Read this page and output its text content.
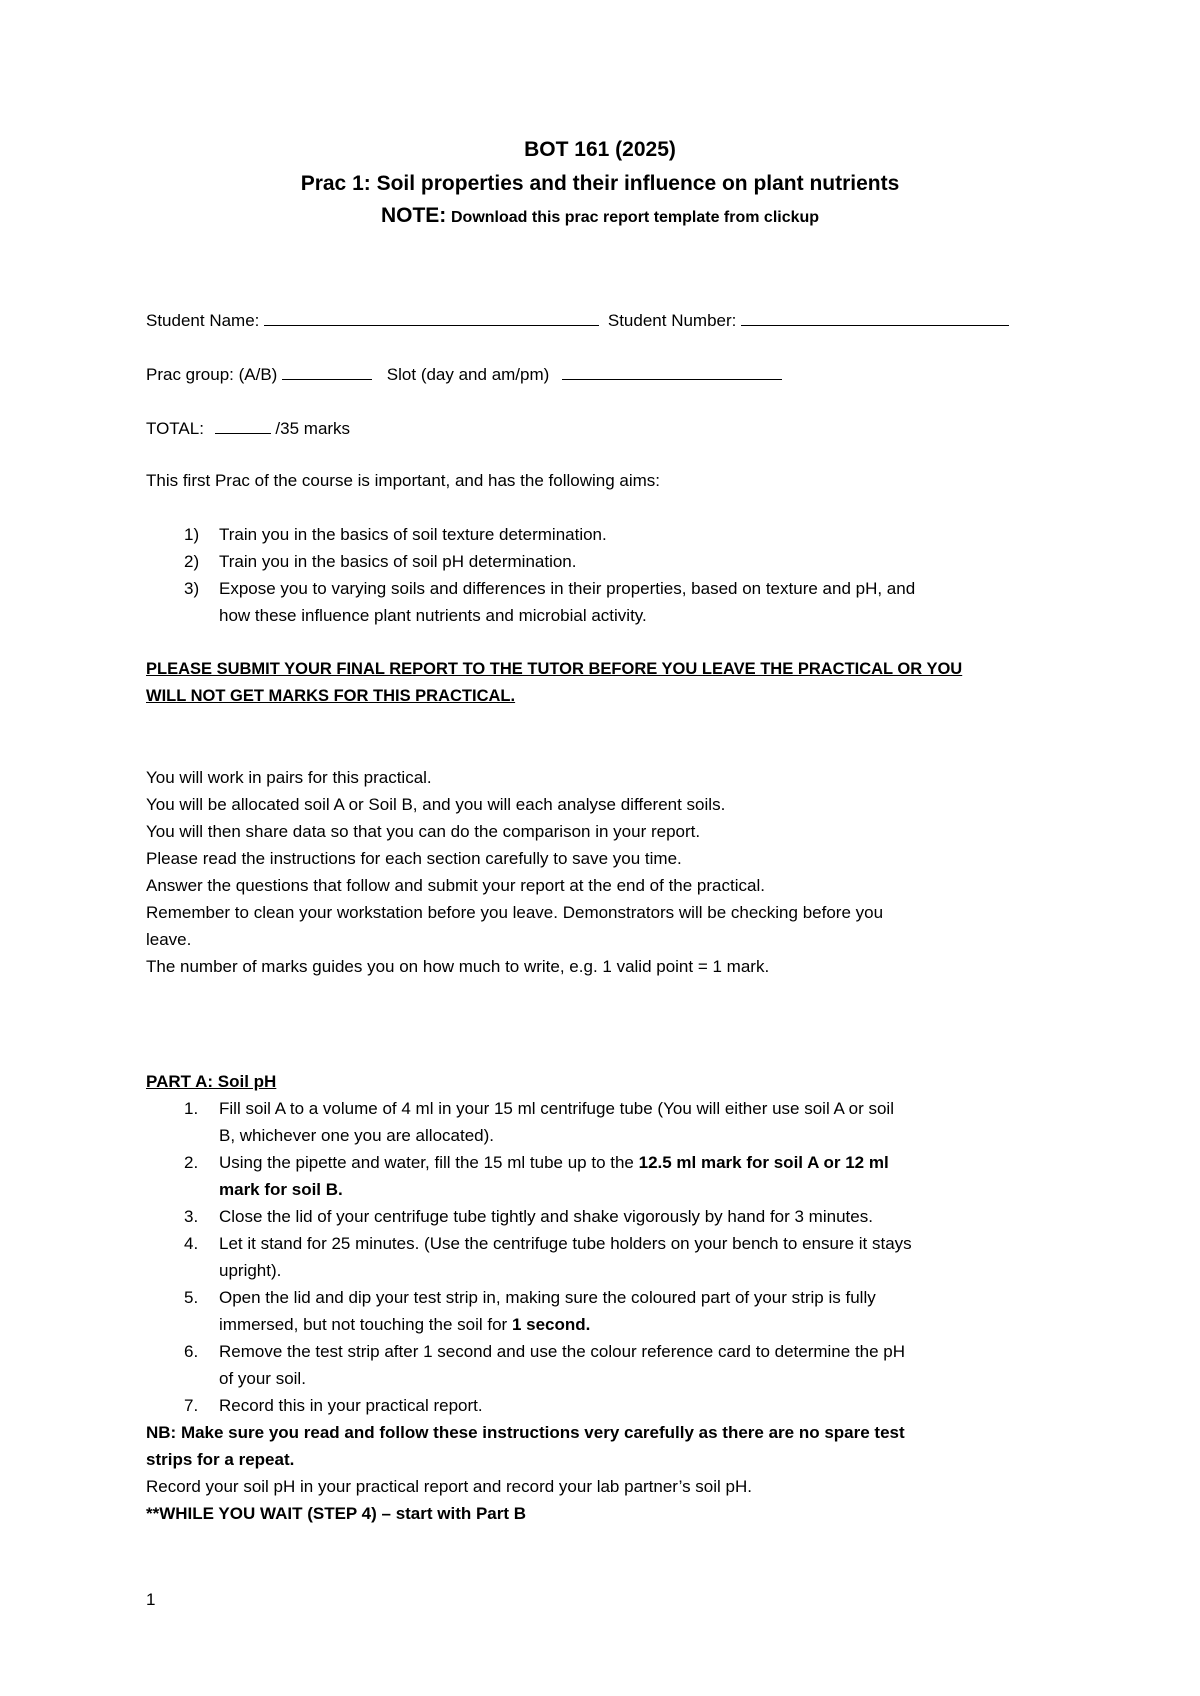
BOT 161 (2025)
Prac 1: Soil properties and their influence on plant nutrients
NOTE: Download this prac report template from clickup
Student Name:	Student Number:
Prac group: (A/B)	Slot (day and am/pm)
TOTAL:	/35 marks
This first Prac of the course is important, and has the following aims:
1) Train you in the basics of soil texture determination.
2) Train you in the basics of soil pH determination.
3) Expose you to varying soils and differences in their properties, based on texture and pH, and
how these influence plant nutrients and microbial activity.
PLEASE SUBMIT YOUR FINAL REPORT TO THE TUTOR BEFORE YOU LEAVE THE PRACTICAL OR YOU
WILL NOT GET MARKS FOR THIS PRACTICAL.
You will work in pairs for this practical.
You will be allocated soil A or Soil B, and you will each analyse different soils.
You will then share data so that you can do the comparison in your report.
Please read the instructions for each section carefully to save you time.
Answer the questions that follow and submit your report at the end of the practical.
Remember to clean your workstation before you leave. Demonstrators will be checking before you
leave.
The number of marks guides you on how much to write, e.g. 1 valid point = 1 mark.
PART A: Soil pH
1. Fill soil A to a volume of 4 ml in your 15 ml centrifuge tube (You will either use soil A or soil
B, whichever one you are allocated).
2. Using the pipette and water, fill the 15 ml tube up to the 12.5 ml mark for soil A or 12 ml
mark for soil B.
3. Close the lid of your centrifuge tube tightly and shake vigorously by hand for 3 minutes.
4. Let it stand for 25 minutes. (Use the centrifuge tube holders on your bench to ensure it stays
upright).
5. Open the lid and dip your test strip in, making sure the coloured part of your strip is fully
immersed, but not touching the soil for 1 second.
6. Remove the test strip after 1 second and use the colour reference card to determine the pH
of your soil.
7. Record this in your practical report.
NB: Make sure you read and follow these instructions very carefully as there are no spare test
strips for a repeat.
Record your soil pH in your practical report and record your lab partner’s soil pH.
**WHILE YOU WAIT (STEP 4) – start with Part B
1
